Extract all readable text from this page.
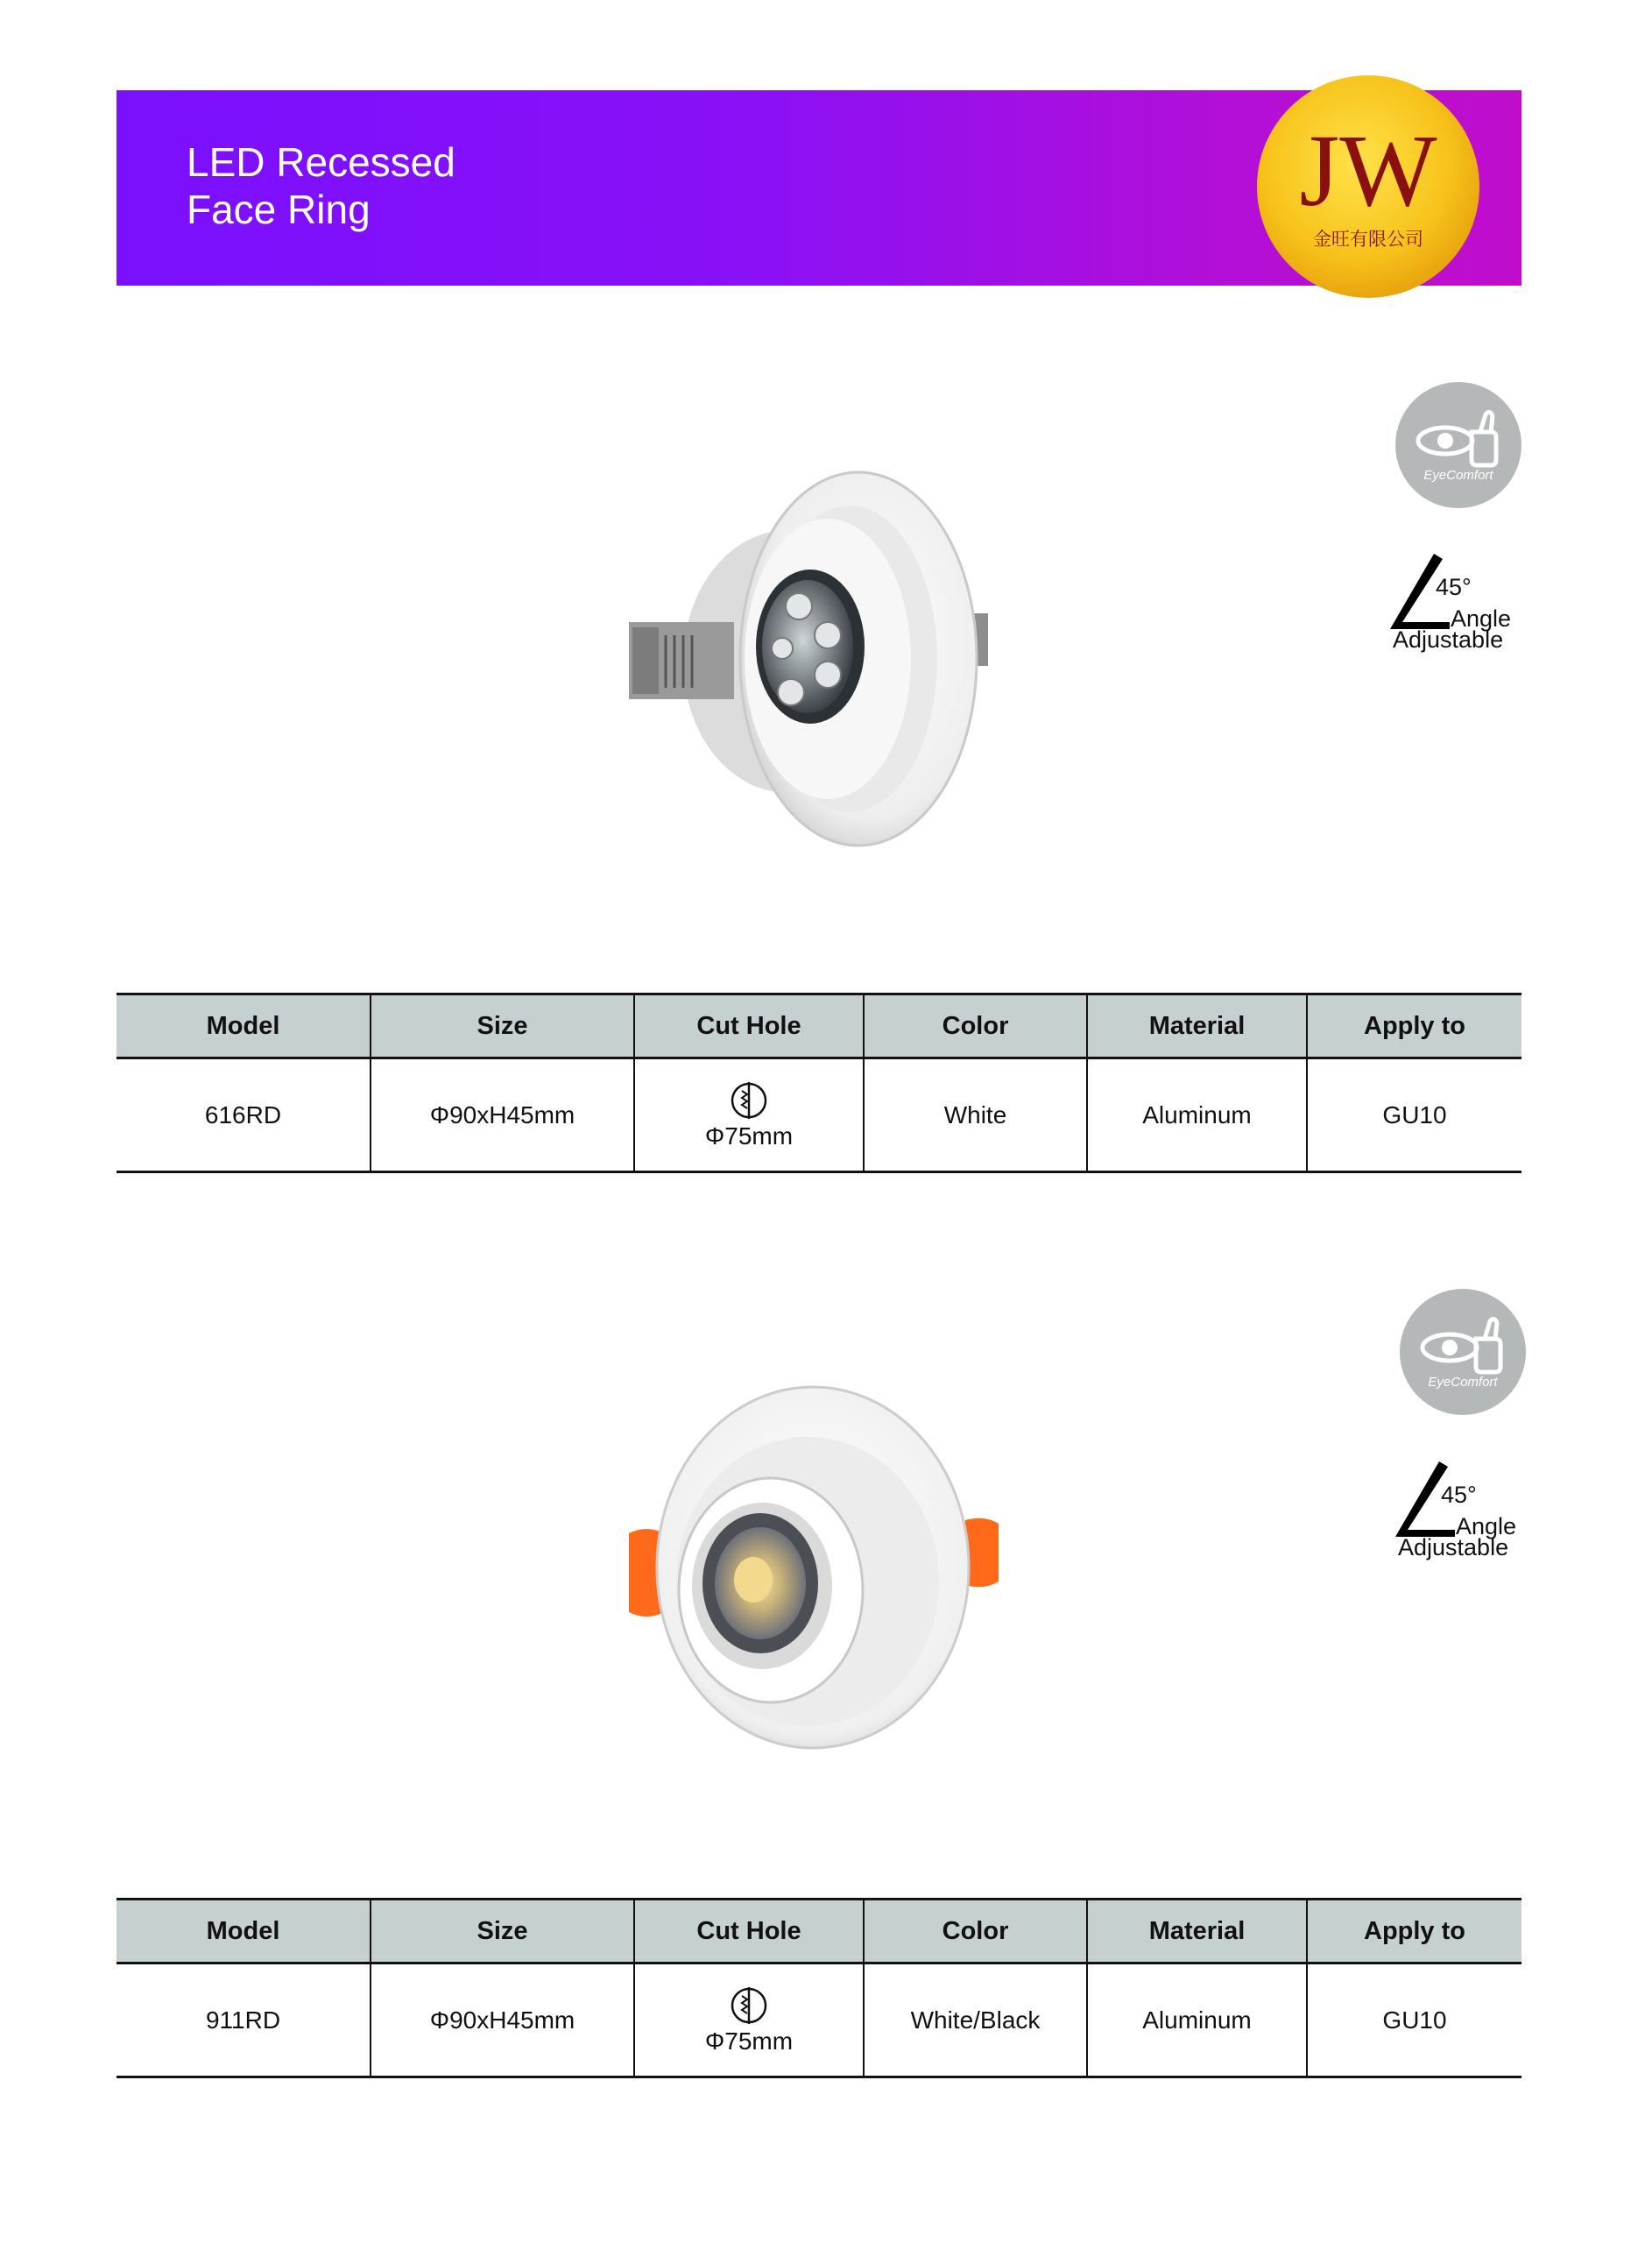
LED Recessed
Face Ring	JW
金旺有限公司
EyeComfort
45°
Angle
Adjustable
Model	Size	Cut Hole	Color	Material	Apply to
616RD	Φ90xH45mm	Φ75mm	White	Aluminum	GU10
EyeComfort
45°
Angle
Adjustable
Model	Size	Cut Hole	Color	Material	Apply to
911RD	Φ90xH45mm	Φ75mm	White/Black	Aluminum	GU10
